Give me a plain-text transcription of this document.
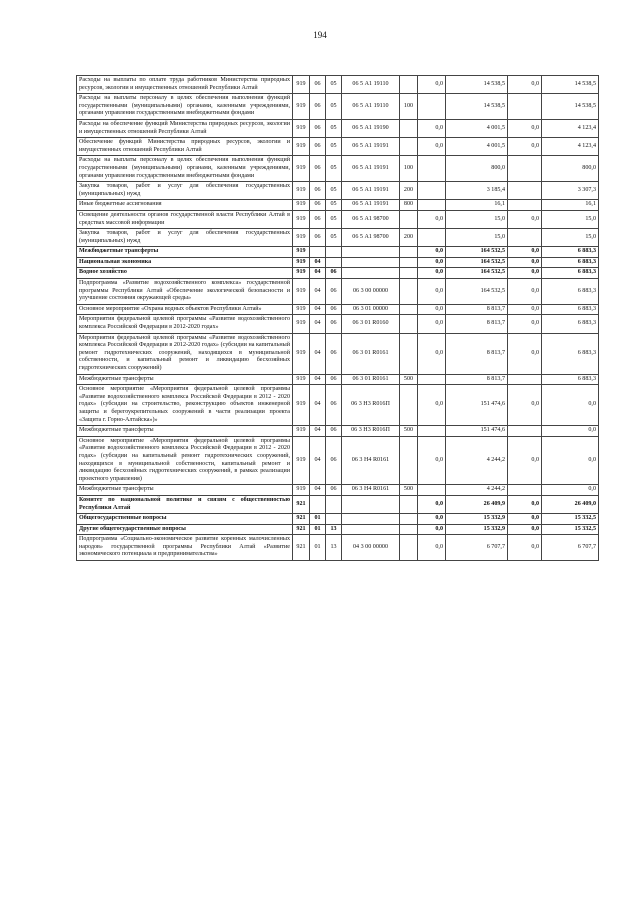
194
Расходы на выплаты по оплате труда работников Министерства природных ресурсов, экологии и имущественных отношений Республики Алтай	919	06	05	06 5 А1 19110		0,0	14 538,5	0,0	14 538,5
Расходы на выплаты персоналу в целях обеспечения выполнения функций государственными (муниципальными) органами, казенными учреждениями, органами управления государственными внебюджетными фондами	919	06	05	06 5 А1 19110	100		14 538,5		14 538,5
Расходы на обеспечение функций Министерства природных ресурсов, экологии и имущественных отношений Республики Алтай	919	06	05	06 5 А1 19190		0,0	4 001,5	0,0	4 123,4
Обеспечение функций Министерства природных ресурсов, экологии и имущественных отношений Республики Алтай	919	06	05	06 5 А1 19191		0,0	4 001,5	0,0	4 123,4
Расходы на выплаты персоналу в целях обеспечения выполнения функций государственными (муниципальными) органами, казенными учреждениями, органами управления государственными внебюджетными фондами	919	06	05	06 5 А1 19191	100		800,0		800,0
Закупка товаров, работ и услуг для обеспечения государственных (муниципальных) нужд	919	06	05	06 5 А1 19191	200		3 185,4		3 307,3
Иные бюджетные ассигнования	919	06	05	06 5 А1 19191	800		16,1		16,1
Освещение деятельности органов государственной власти Республики Алтай в средствах массовой информации	919	06	05	06 5 А1 98700		0,0	15,0	0,0	15,0
Закупка товаров, работ и услуг для обеспечения государственных (муниципальных) нужд	919	06	05	06 5 А1 98700	200		15,0		15,0
Межбюджетные трансферты	919					0,0	164 532,5	0,0	6 883,3
Национальная экономика	919	04				0,0	164 532,5	0,0	6 883,3
Водное хозяйство	919	04	06			0,0	164 532,5	0,0	6 883,3
Подпрограмма «Развитие водохозяйственного комплекса» государственной программы Республики Алтай «Обеспечение экологической безопасности и улучшение состояния окружающей среды»	919	04	06	06 3 00 00000		0,0	164 532,5	0,0	6 883,3
Основное мероприятие «Охрана водных объектов Республики Алтай»	919	04	06	06 3 01 00000		0,0	8 813,7	0,0	6 883,3
Мероприятия федеральной целевой программы «Развитие водохозяйственного комплекса Российской Федерации в 2012-2020 годах»	919	04	06	06 3 01 R0160		0,0	8 813,7	0,0	6 883,3
Мероприятия федеральной целевой программы «Развитие водохозяйственного комплекса Российской Федерации в 2012-2020 годах» (субсидии на капитальный ремонт гидротехнических сооружений, находящихся в муниципальной собственности, и капитальный ремонт и ликвидацию бесхозяйных гидротехнических сооружений)	919	04	06	06 3 01 R0161		0,0	8 813,7	0,0	6 883,3
Межбюджетные трансферты	919	04	06	06 3 01 R0161	500		8 813,7		6 883,3
Основное мероприятие «Мероприятия федеральной целевой программы «Развитие водохозяйственного комплекса Российской Федерации в 2012 - 2020 годах» (субсидии на строительство, реконструкцию объектов инженерной защиты и берегоукрепительных сооружений в части реализации проекта «Защита г. Горно-Алтайска»)»	919	04	06	06 3 Н3 R016П		0,0	151 474,6	0,0	0,0
Межбюджетные трансферты	919	04	06	06 3 Н3 R016П	500		151 474,6		0,0
Основное мероприятие «Мероприятия федеральной целевой программы «Развитие водохозяйственного комплекса Российской Федерации в 2012 - 2020 годах» (субсидии на капитальный ремонт гидротехнических сооружений, находящихся в муниципальной собственности, капитальный ремонт и ликвидацию бесхозяйных гидротехнических сооружений, в рамках реализации проектного управления)	919	04	06	06 3 Н4 R0161		0,0	4 244,2	0,0	0,0
Межбюджетные трансферты	919	04	06	06 3 Н4 R0161	500		4 244,2		0,0
Комитет по национальной политике и связям с общественностью Республики Алтай	921					0,0	26 409,9	0,0	26 409,0
Общегосударственные вопросы	921	01				0,0	15 332,9	0,0	15 332,5
Другие общегосударственные вопросы	921	01	13			0,0	15 332,9	0,0	15 332,5
Подпрограмма «Социально-экономическое развитие коренных малочисленных народов» государственной программы Республики Алтай «Развитие экономического потенциала и предпринимательства»	921	01	13	04 3 00 00000		0,0	6 707,7	0,0	6 707,7
